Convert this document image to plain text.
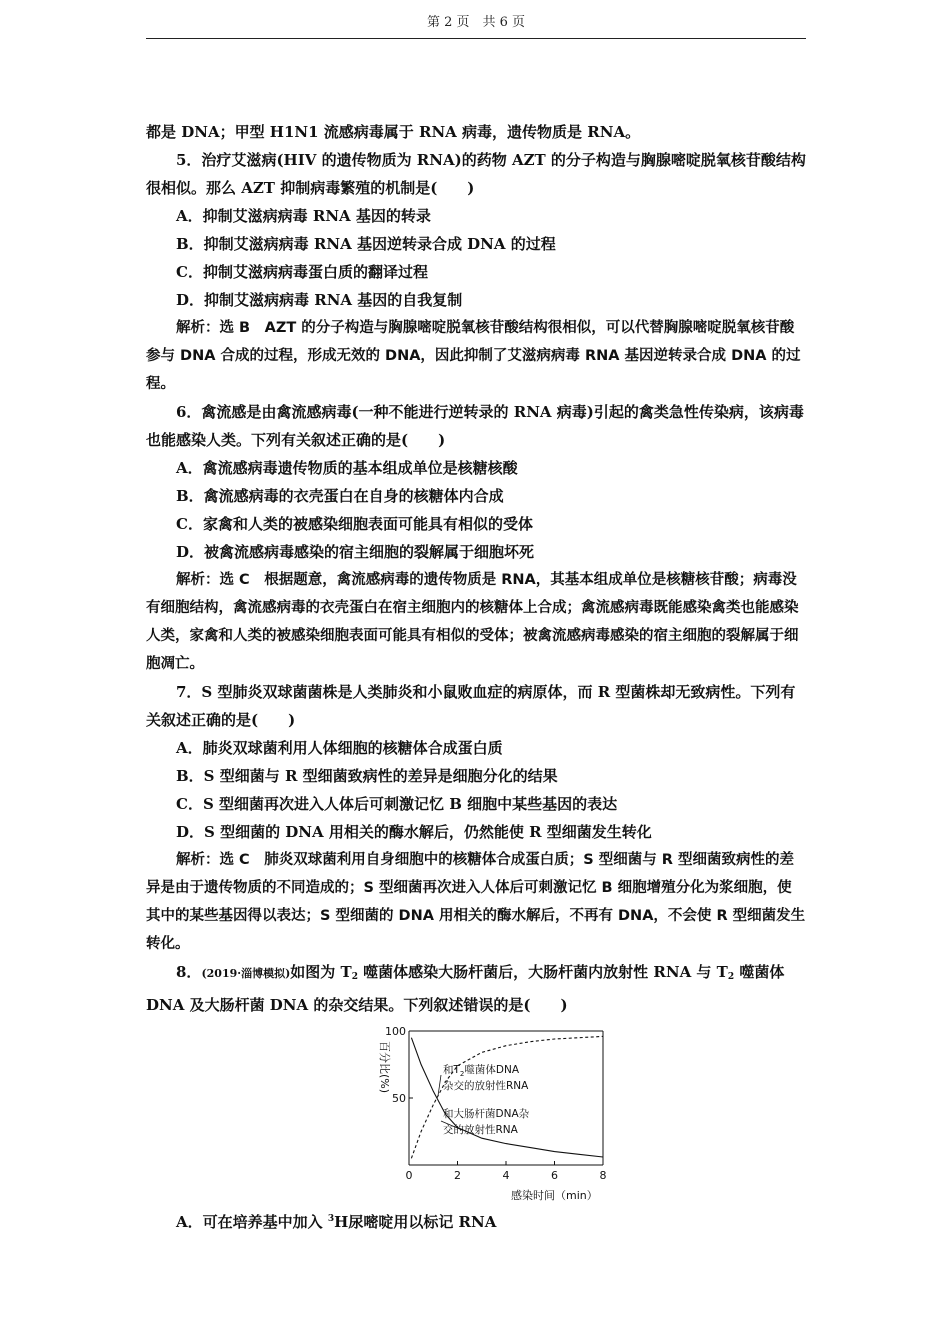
第 2 页　共 6 页

都是 DNA；甲型 H1N1 流感病毒属于 RNA 病毒，遗传物质是 RNA。

5．治疗艾滋病(HIV 的遗传物质为 RNA)的药物 AZT 的分子构造与胸腺嘧啶脱氧核苷酸结构很相似。那么 AZT 抑制病毒繁殖的机制是(　　)

A．抑制艾滋病病毒 RNA 基因的转录

B．抑制艾滋病病毒 RNA 基因逆转录合成 DNA 的过程

C．抑制艾滋病病毒蛋白质的翻译过程

D．抑制艾滋病病毒 RNA 基因的自我复制

解析：选 B　AZT 的分子构造与胸腺嘧啶脱氧核苷酸结构很相似，可以代替胸腺嘧啶脱氧核苷酸参与 DNA 合成的过程，形成无效的 DNA，因此抑制了艾滋病病毒 RNA 基因逆转录合成 DNA 的过程。

6．禽流感是由禽流感病毒(一种不能进行逆转录的 RNA 病毒)引起的禽类急性传染病，该病毒也能感染人类。下列有关叙述正确的是(　　)

A．禽流感病毒遗传物质的基本组成单位是核糖核酸

B．禽流感病毒的衣壳蛋白在自身的核糖体内合成

C．家禽和人类的被感染细胞表面可能具有相似的受体

D．被禽流感病毒感染的宿主细胞的裂解属于细胞坏死

解析：选 C　根据题意，禽流感病毒的遗传物质是 RNA，其基本组成单位是核糖核苷酸；病毒没有细胞结构，禽流感病毒的衣壳蛋白在宿主细胞内的核糖体上合成；禽流感病毒既能感染禽类也能感染人类，家禽和人类的被感染细胞表面可能具有相似的受体；被禽流感病毒感染的宿主细胞的裂解属于细胞凋亡。

7．S 型肺炎双球菌菌株是人类肺炎和小鼠败血症的病原体，而 R 型菌株却无致病性。下列有关叙述正确的是(　　)

A．肺炎双球菌利用人体细胞的核糖体合成蛋白质

B．S 型细菌与 R 型细菌致病性的差异是细胞分化的结果

C．S 型细菌再次进入人体后可刺激记忆 B 细胞中某些基因的表达

D．S 型细菌的 DNA 用相关的酶水解后，仍然能使 R 型细菌发生转化

解析：选 C　肺炎双球菌利用自身细胞中的核糖体合成蛋白质；S 型细菌与 R 型细菌致病性的差异是由于遗传物质的不同造成的；S 型细菌再次进入人体后可刺激记忆 B 细胞增殖分化为浆细胞，使其中的某些基因得以表达；S 型细菌的 DNA 用相关的酶水解后，不再有 DNA，不会使 R 型细菌发生转化。

8．(2019·淄博模拟)如图为 $T_2$ 噬菌体感染大肠杆菌后，大肠杆菌内放射性 RNA 与 $T_2$ 噬菌体 DNA 及大肠杆菌 DNA 的杂交结果。下列叙述错误的是(　　)

百分比(%)
感染时间（min）
100
50
0	2	4	6	8
和$T_2$噬菌体DNA
杂交的放射性RNA
和大肠杆菌DNA杂
交的放射性RNA

A．可在培养基中加入 $^3$H尿嘧啶用以标记 RNA
